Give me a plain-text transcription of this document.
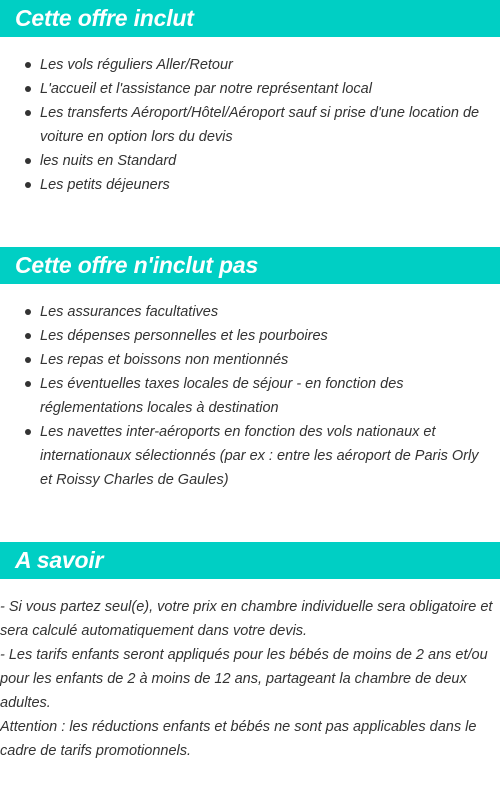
Cette offre inclut
Les vols réguliers Aller/Retour
L'accueil et l'assistance par notre représentant local
Les transferts Aéroport/Hôtel/Aéroport sauf si prise d'une location de voiture en option lors du devis
les nuits en Standard
Les petits déjeuners
Cette offre n'inclut pas
Les assurances facultatives
Les dépenses personnelles et les pourboires
Les repas et boissons non mentionnés
Les éventuelles taxes locales de séjour - en fonction des réglementations locales à destination
Les navettes inter-aéroports en fonction des vols nationaux et internationaux sélectionnés (par ex : entre les aéroport de Paris Orly et Roissy Charles de Gaules)
A savoir

- Si vous partez seul(e), votre prix en chambre individuelle sera obligatoire et sera calculé automatiquement dans votre devis.

- Les tarifs enfants seront appliqués pour les bébés de moins de 2 ans et/ou pour les enfants de 2 à moins de 12 ans, partageant la chambre de deux adultes.

Attention : les réductions enfants et bébés ne sont pas applicables dans le cadre de tarifs promotionnels.
